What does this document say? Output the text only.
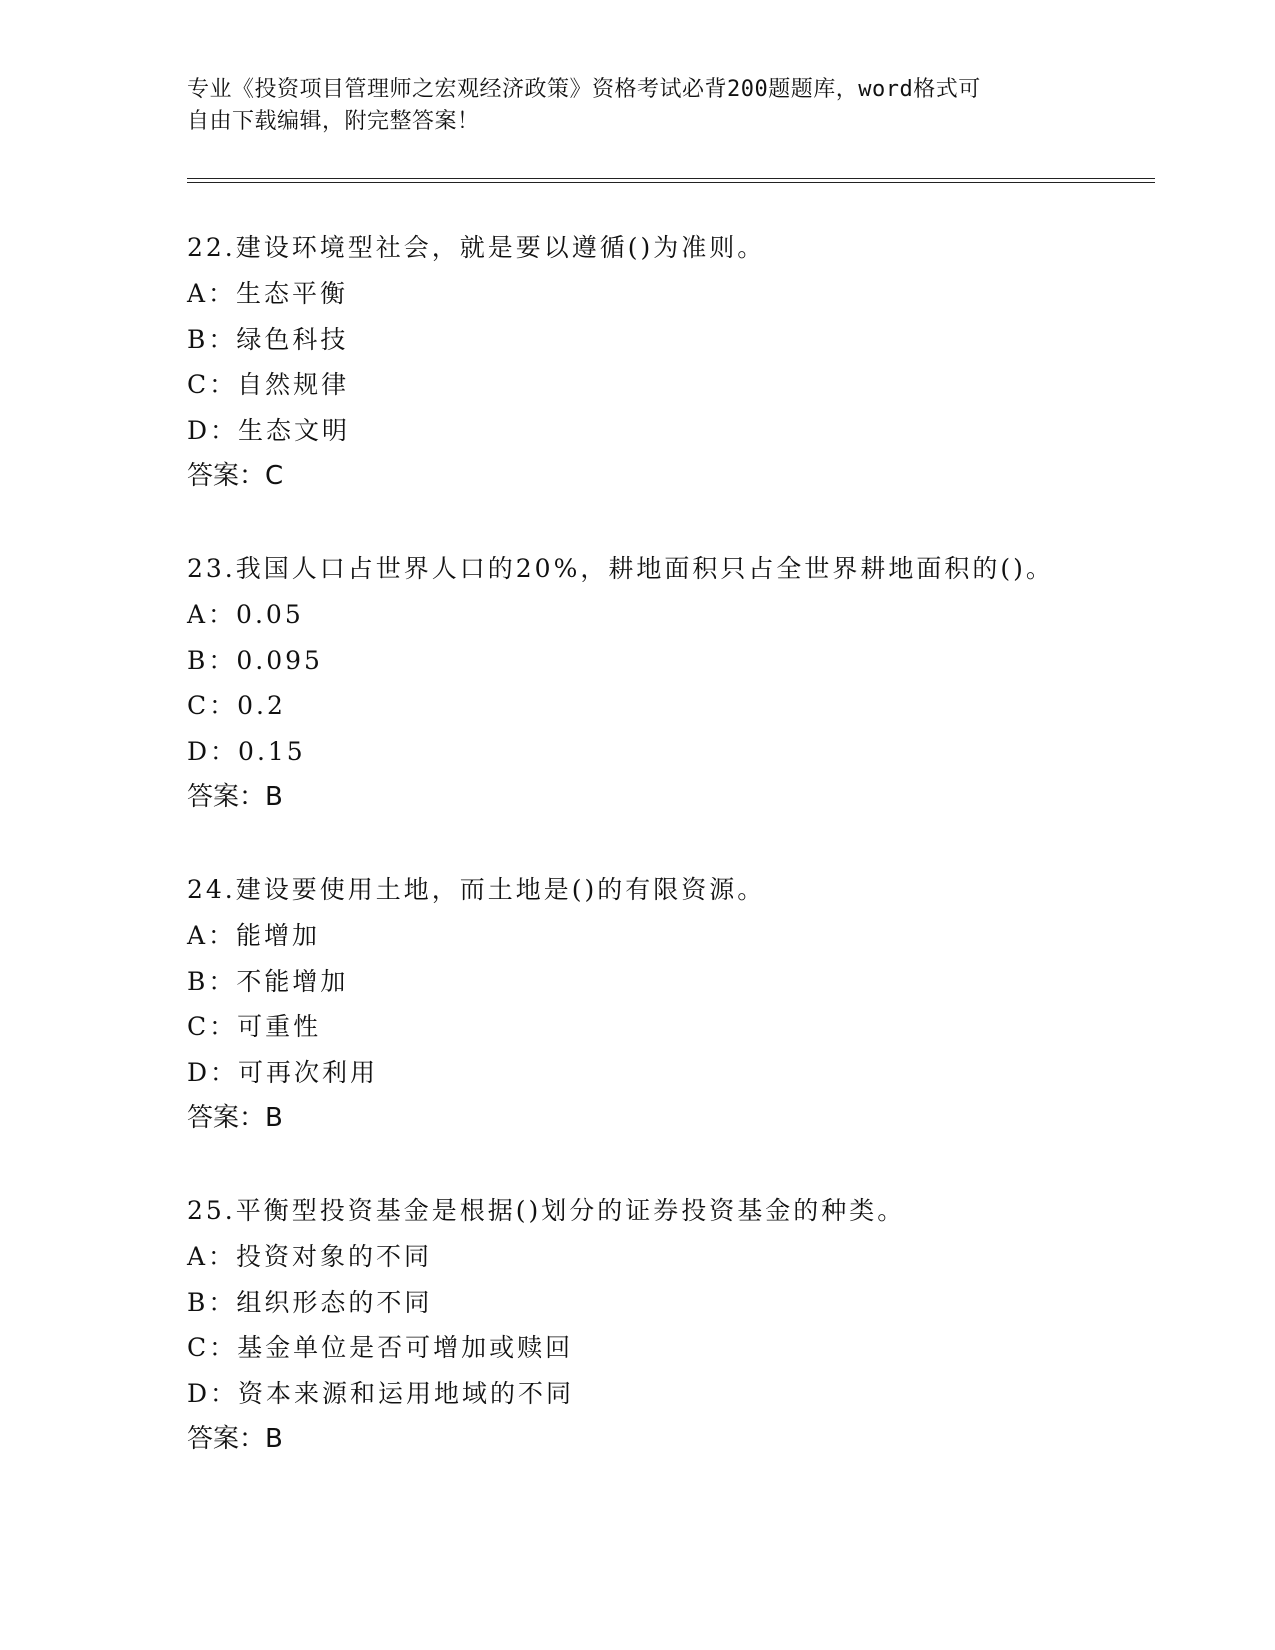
专业《投资项目管理师之宏观经济政策》资格考试必背200题题库，word格式可
自由下载编辑，附完整答案！
22.建设环境型社会，就是要以遵循()为准则。
A：生态平衡
B：绿色科技
C：自然规律
D：生态文明
答案：C
23.我国人口占世界人口的20%，耕地面积只占全世界耕地面积的()。
A：0.05
B：0.095
C：0.2
D：0.15
答案：B
24.建设要使用土地，而土地是()的有限资源。
A：能增加
B：不能增加
C：可重性
D：可再次利用
答案：B
25.平衡型投资基金是根据()划分的证券投资基金的种类。
A：投资对象的不同
B：组织形态的不同
C：基金单位是否可增加或赎回
D：资本来源和运用地域的不同
答案：B
